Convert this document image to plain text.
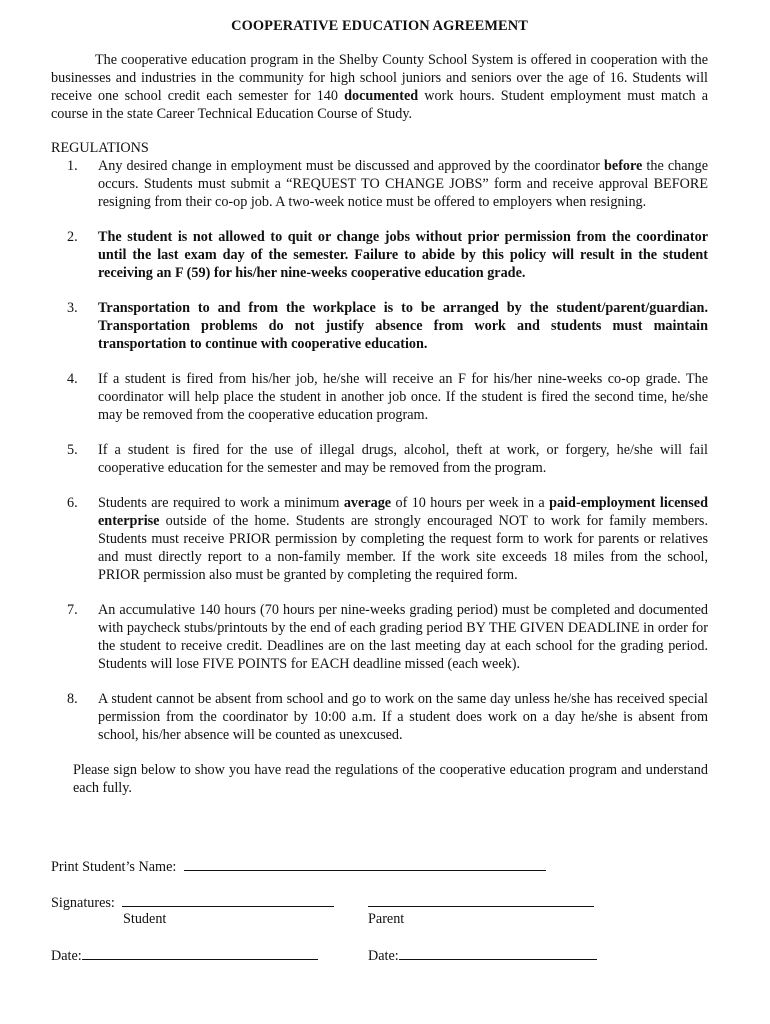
COOPERATIVE EDUCATION AGREEMENT

The cooperative education program in the Shelby County School System is offered in cooperation with the businesses and industries in the community for high school juniors and seniors over the age of 16. Students will receive one school credit each semester for 140 documented work hours. Student employment must match a course in the state Career Technical Education Course of Study.

REGULATIONS
1. Any desired change in employment must be discussed and approved by the coordinator before the change occurs. Students must submit a “REQUEST TO CHANGE JOBS” form and receive approval BEFORE resigning from their co-op job. A two-week notice must be offered to employers when resigning.
2. The student is not allowed to quit or change jobs without prior permission from the coordinator until the last exam day of the semester. Failure to abide by this policy will result in the student receiving an F (59) for his/her nine-weeks cooperative education grade.
3. Transportation to and from the workplace is to be arranged by the student/parent/guardian. Transportation problems do not justify absence from work and students must maintain transportation to continue with cooperative education.
4. If a student is fired from his/her job, he/she will receive an F for his/her nine-weeks co-op grade. The coordinator will help place the student in another job once. If the student is fired the second time, he/she may be removed from the cooperative education program.
5. If a student is fired for the use of illegal drugs, alcohol, theft at work, or forgery, he/she will fail cooperative education for the semester and may be removed from the program.
6. Students are required to work a minimum average of 10 hours per week in a paid-employment licensed enterprise outside of the home. Students are strongly encouraged NOT to work for family members. Students must receive PRIOR permission by completing the request form to work for parents or relatives and must directly report to a non-family member. If the work site exceeds 18 miles from the school, PRIOR permission also must be granted by completing the required form.
7. An accumulative 140 hours (70 hours per nine-weeks grading period) must be completed and documented with paycheck stubs/printouts by the end of each grading period BY THE GIVEN DEADLINE in order for the student to receive credit. Deadlines are on the last meeting day at each school for the grading period. Students will lose FIVE POINTS for EACH deadline missed (each week).
8. A student cannot be absent from school and go to work on the same day unless he/she has received special permission from the coordinator by 10:00 a.m. If a student does work on a day he/she is absent from school, his/her absence will be counted as unexcused.

Please sign below to show you have read the regulations of the cooperative education program and understand each fully.

Print Student’s Name:
Signatures:
Student	Parent
Date:	Date:
